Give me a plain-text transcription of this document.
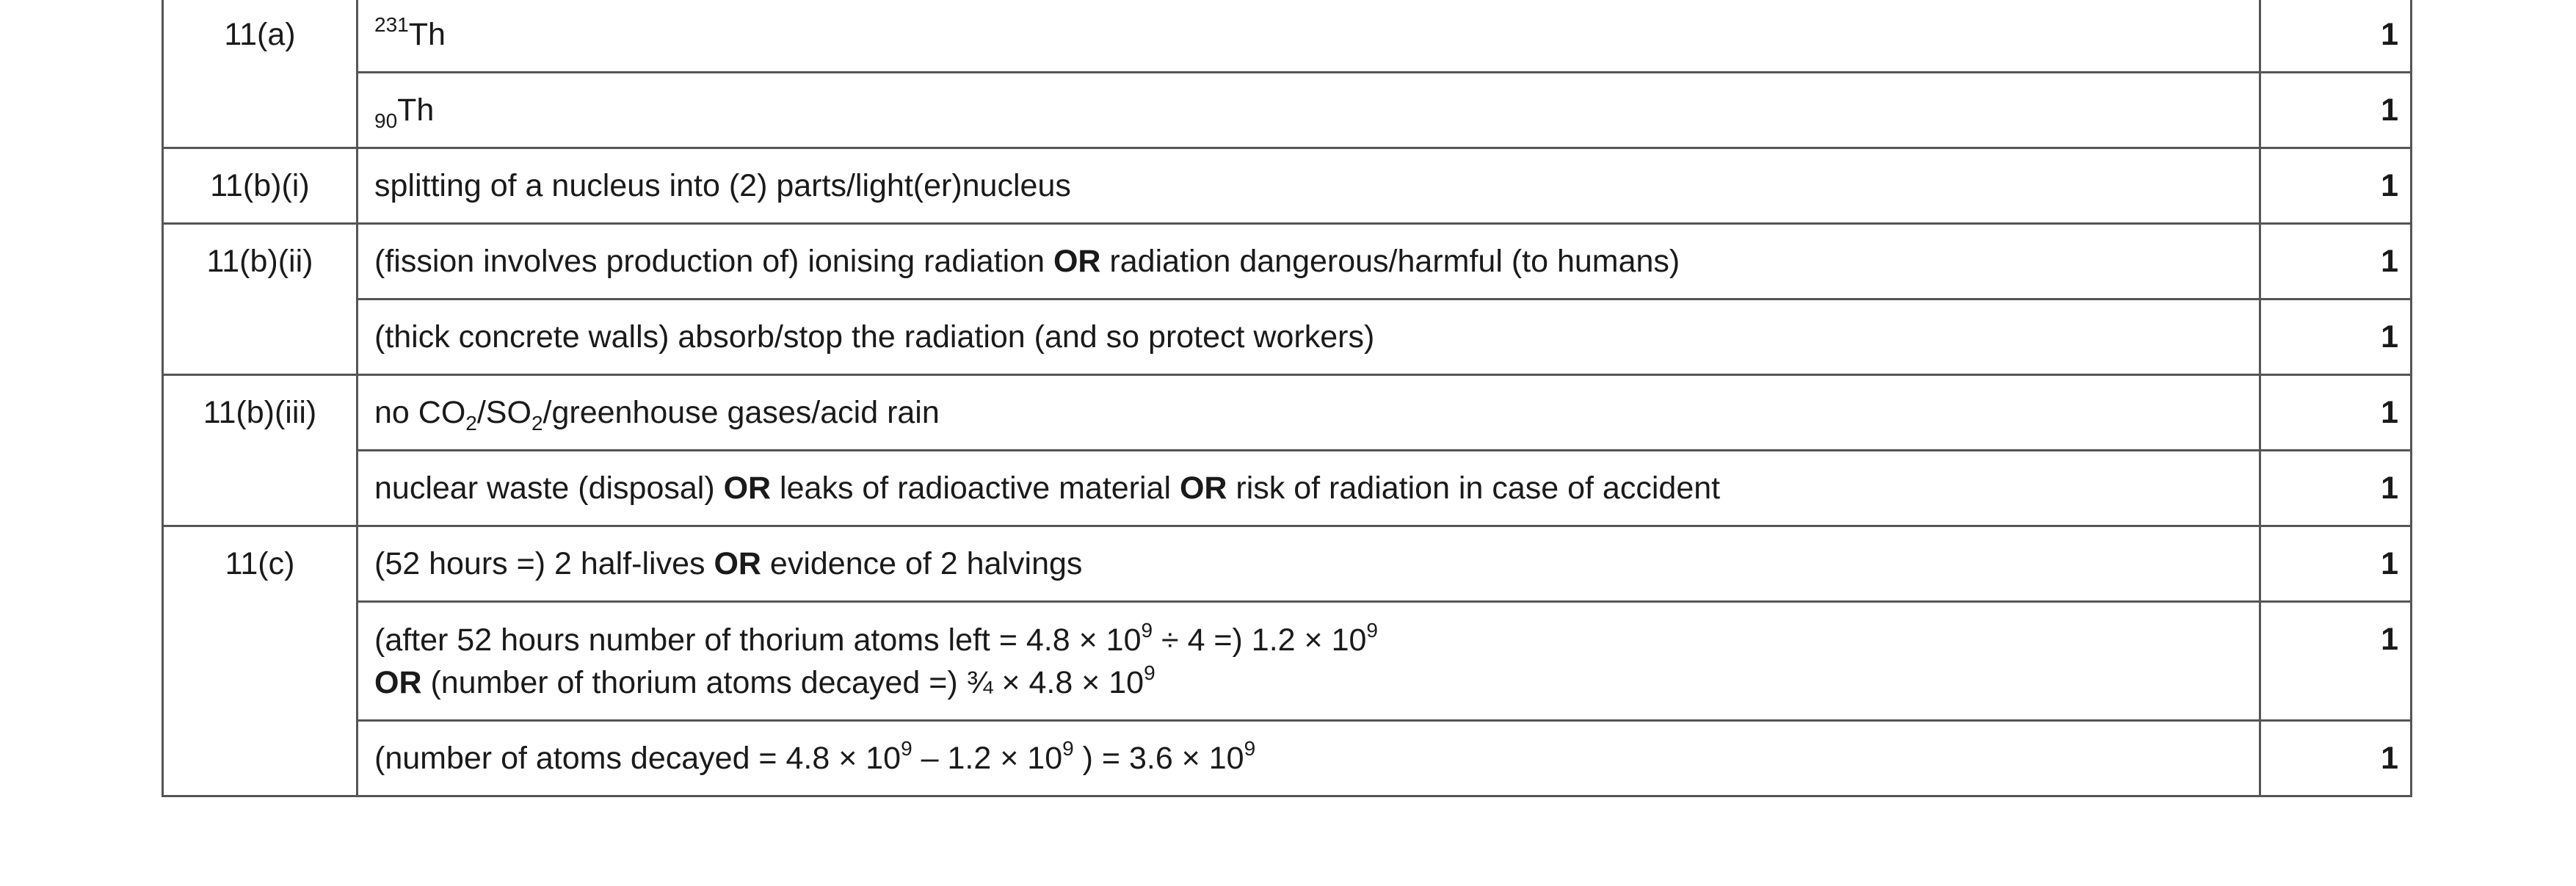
11(a)	$^{231}$Th	1

	$_{90}$Th	1

11(b)(i)	splitting of a nucleus into (2) parts/light(er)nucleus	1

11(b)(ii)	(fission involves production of) ionising radiation OR radiation dangerous/harmful (to humans)	1

	(thick concrete walls) absorb/stop the radiation (and so protect workers)	1

11(b)(iii)	no $CO_2/SO_2$/greenhouse gases/acid rain	1

	nuclear waste (disposal) OR leaks of radioactive material OR risk of radiation in case of accident	1

11(c)	(52 hours =) 2 half-lives OR evidence of 2 halvings	1

	(after 52 hours number of thorium atoms left = $4.8 \times 10^9 \div 4$ =) $1.2 \times 10^9$
OR (number of thorium atoms decayed =) ¾ × $4.8 \times 10^9$	1

	(number of atoms decayed = $4.8 \times 10^9 - 1.2 \times 10^9$ ) = $3.6 \times 10^9$	1
